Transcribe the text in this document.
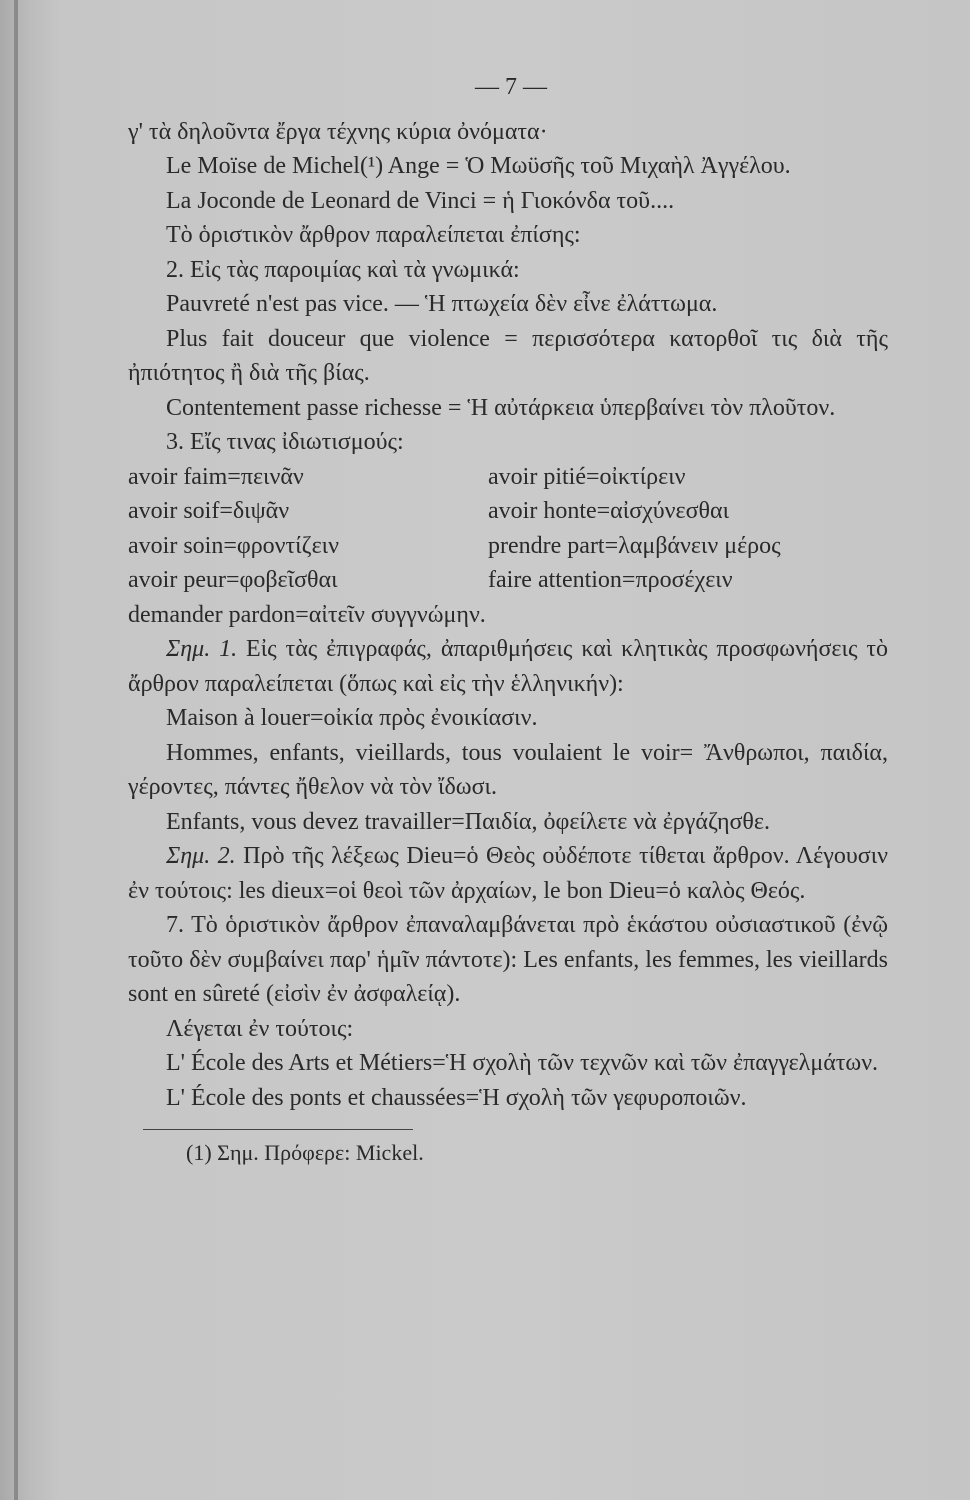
— 7 —

γ' τὰ δηλοῦντα ἔργα τέχνης κύρια ὀνόματα·

Le Moïse de Michel(¹) Ange = Ὁ Μωϋσῆς τοῦ Μιχαὴλ Ἀγγέλου.

La Joconde de Leonard de Vinci = ἡ Γιοκόνδα τοῦ....

Τὸ ὁριστικὸν ἄρθρον παραλείπεται ἐπίσης:

2. Εἰς τὰς παροιμίας καὶ τὰ γνωμικά:

Pauvreté n'est pas vice. — Ἡ πτωχεία δὲν εἶνε ἐλάττωμα.

Plus fait douceur que violence = περισσότερα κατορθοῖ τις διὰ τῆς ἠπιότητος ἢ διὰ τῆς βίας.

Contentement passe richesse = Ἡ αὐτάρκεια ὑπερβαίνει τὸν πλοῦτον.

3. Εἴς τινας ἰδιωτισμούς:

avoir faim=πεινᾶν	avoir pitié=οἰκτίρειν
avoir soif=διψᾶν	avoir honte=αἰσχύνεσθαι
avoir soin=φροντίζειν	prendre part=λαμβάνειν μέρος
avoir peur=φοβεῖσθαι	faire attention=προσέχειν

demander pardon=αἰτεῖν συγγνώμην.

Σημ. 1. Εἰς τὰς ἐπιγραφάς, ἀπαριθμήσεις καὶ κλητικὰς προσφωνήσεις τὸ ἄρθρον παραλείπεται (ὅπως καὶ εἰς τὴν ἑλληνικήν):

Maison à louer=οἰκία πρὸς ἐνοικίασιν.

Hommes, enfants, vieillards, tous voulaient le voir= Ἄνθρωποι, παιδία, γέροντες, πάντες ἤθελον νὰ τὸν ἴδωσι.

Enfants, vous devez travailler=Παιδία, ὀφείλετε νὰ ἐργάζησθε.

Σημ. 2. Πρὸ τῆς λέξεως Dieu=ὁ Θεὸς οὐδέποτε τίθεται ἄρθρον. Λέγουσιν ἐν τούτοις: les dieux=οἱ θεοὶ τῶν ἀρχαίων, le bon Dieu=ὁ καλὸς Θεός.

7. Τὸ ὁριστικὸν ἄρθρον ἐπαναλαμβάνεται πρὸ ἑκάστου οὐσιαστικοῦ (ἐνῷ τοῦτο δὲν συμβαίνει παρ' ἡμῖν πάντοτε): Les enfants, les femmes, les vieillards sont en sûreté (εἰσὶν ἐν ἀσφαλείᾳ).

Λέγεται ἐν τούτοις:

L' École des Arts et Métiers=Ἡ σχολὴ τῶν τεχνῶν καὶ τῶν ἐπαγγελμάτων.

L' École des ponts et chaussées=Ἡ σχολὴ τῶν γεφυροποιῶν.

(1) Σημ. Πρόφερε: Mickel.
